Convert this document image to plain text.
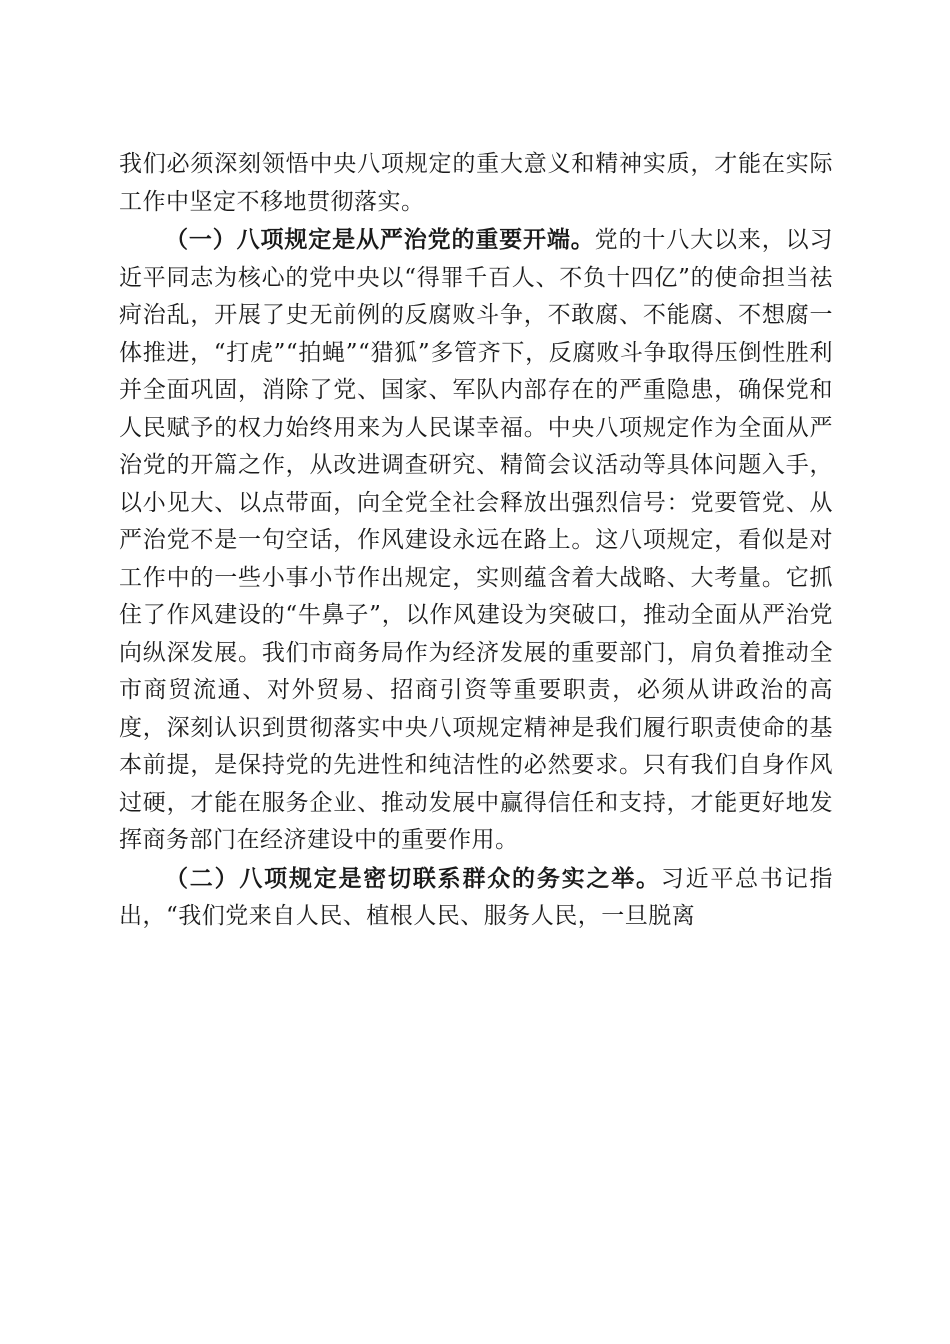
我们必须深刻领悟中央八项规定的重大意义和精神实质，才能在实际工作中坚定不移地贯彻落实。

（一）八项规定是从严治党的重要开端。党的十八大以来，以习近平同志为核心的党中央以“得罪千百人、不负十四亿”的使命担当祛疴治乱，开展了史无前例的反腐败斗争，不敢腐、不能腐、不想腐一体推进，“打虎”“拍蝇”“猎狐”多管齐下，反腐败斗争取得压倒性胜利并全面巩固，消除了党、国家、军队内部存在的严重隐患，确保党和人民赋予的权力始终用来为人民谋幸福。中央八项规定作为全面从严治党的开篇之作，从改进调查研究、精简会议活动等具体问题入手，以小见大、以点带面，向全党全社会释放出强烈信号：党要管党、从严治党不是一句空话，作风建设永远在路上。这八项规定，看似是对工作中的一些小事小节作出规定，实则蕴含着大战略、大考量。它抓住了作风建设的“牛鼻子”，以作风建设为突破口，推动全面从严治党向纵深发展。我们市商务局作为经济发展的重要部门，肩负着推动全市商贸流通、对外贸易、招商引资等重要职责，必须从讲政治的高度，深刻认识到贯彻落实中央八项规定精神是我们履行职责使命的基本前提，是保持党的先进性和纯洁性的必然要求。只有我们自身作风过硬，才能在服务企业、推动发展中赢得信任和支持，才能更好地发挥商务部门在经济建设中的重要作用。

（二）八项规定是密切联系群众的务实之举。习近平总书记指出，“我们党来自人民、植根人民、服务人民，一旦脱离
